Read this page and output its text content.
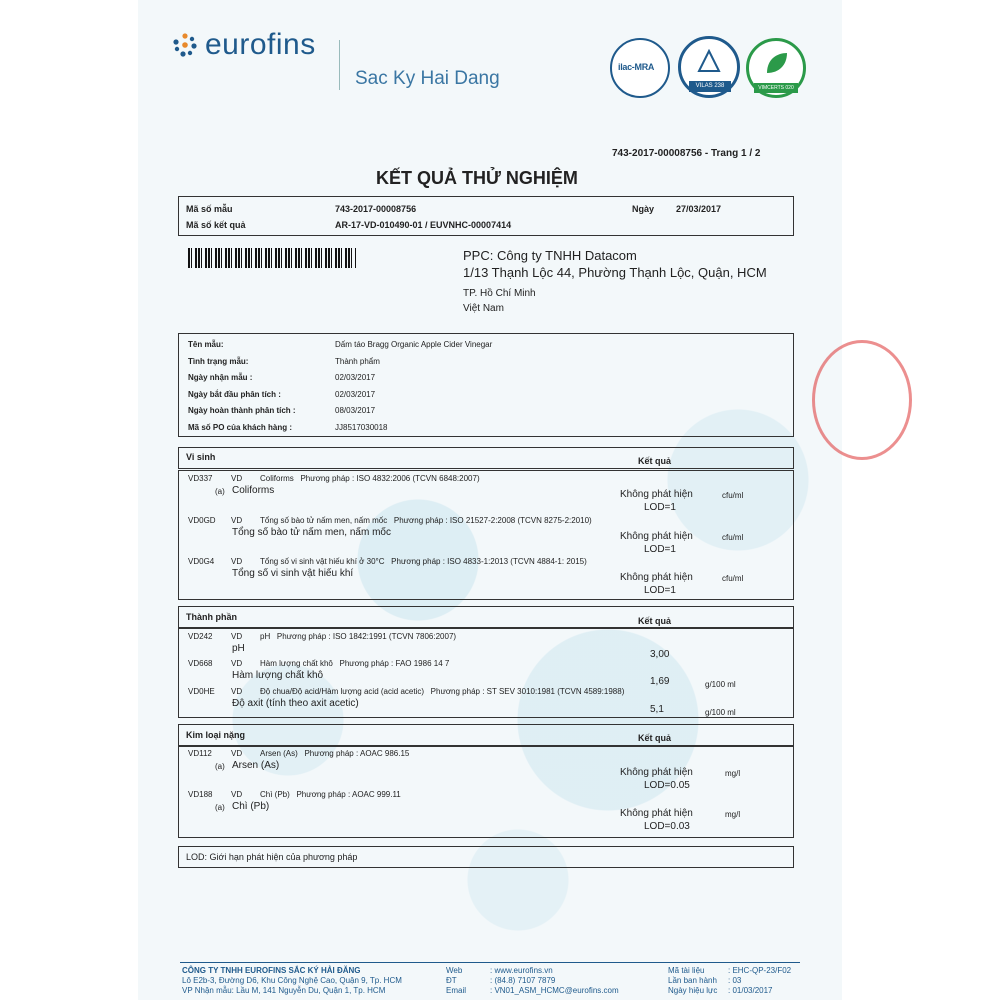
eurofins
Sac Ky Hai Dang
ilac-MRA
VILAS 238	VIMCERTS 020
743-2017-00008756 - Trang 1 / 2
KẾT QUẢ THỬ NGHIỆM
Mã số mẫu	743-2017-00008756	Ngày 27/03/2017
Mã số kết quả	AR-17-VD-010490-01 / EUVNHC-00007414
PPC: Công ty TNHH Datacom
1/13 Thạnh Lộc 44, Phường Thạnh Lộc, Quận, HCM
TP. Hồ Chí Minh
Việt Nam
Tên mẫu:	Dấm táo Bragg Organic Apple Cider Vinegar
Tình trạng mẫu:	Thành phẩm
Ngày nhận mẫu :	02/03/2017
Ngày bắt đầu phân tích :	02/03/2017
Ngày hoàn thành phân tích :	08/03/2017
Mã số PO của khách hàng :	JJ8517030018
Vi sinh	Kết quả
Thành phần	Kết quả
Kim loại nặng	Kết quả
LOD: Giới hạn phát hiện của phương pháp
VD337 VD Coliforms   Phương pháp : ISO 4832:2006 (TCVN 6848:2007)
(a) Coliforms	Không phát hiện
LOD=1
cfu/ml
VD0GD VD Tổng số bào tử nấm men, nấm mốc   Phương pháp : ISO 21527-2:2008 (TCVN 8275-2:2010)
Tổng số bào tử nấm men, nấm mốc	Không phát hiện
LOD=1
cfu/ml
VD0G4 VD Tổng số vi sinh vật hiếu khí ở 30°C   Phương pháp : ISO 4833-1:2013 (TCVN 4884-1: 2015)
Tổng số vi sinh vật hiếu khí	Không phát hiện
LOD=1
cfu/ml
VD242 VD pH   Phương pháp : ISO 1842:1991 (TCVN 7806:2007)
pH
3,00
VD668 VD Hàm lượng chất khô   Phương pháp : FAO 1986 14 7
Hàm lượng chất khô
1,69	g/100 ml
VD0HE VD Độ chua/Độ acid/Hàm lượng acid (acid acetic)   Phương pháp : ST SEV 3010:1981 (TCVN 4589:1988)
Độ axit (tính theo axit acetic)
5,1	g/100 ml
VD112 VD Arsen (As)   Phương pháp : AOAC 986.15
(a) Arsen (As)
Không phát hiện
LOD=0.05
mg/l
VD188 VD Chì (Pb)   Phương pháp : AOAC 999.11
(a) Chì (Pb)
Không phát hiện
LOD=0.03
mg/l
CÔNG TY TNHH EUROFINS SẮC KÝ HẢI ĐĂNG
Lô E2b-3, Đường D6, Khu Công Nghệ Cao, Quận 9, Tp. HCM
VP Nhận mẫu: Lầu M, 141 Nguyễn Du, Quận 1, Tp. HCM
Web	: www.eurofins.vn
ĐT	: (84.8) 7107 7879
Email	: VN01_ASM_HCMC@eurofins.com
Mã tài liệu	: EHC-QP-23/F02
Lần ban hành : 03
Ngày hiệu lực : 01/03/2017
